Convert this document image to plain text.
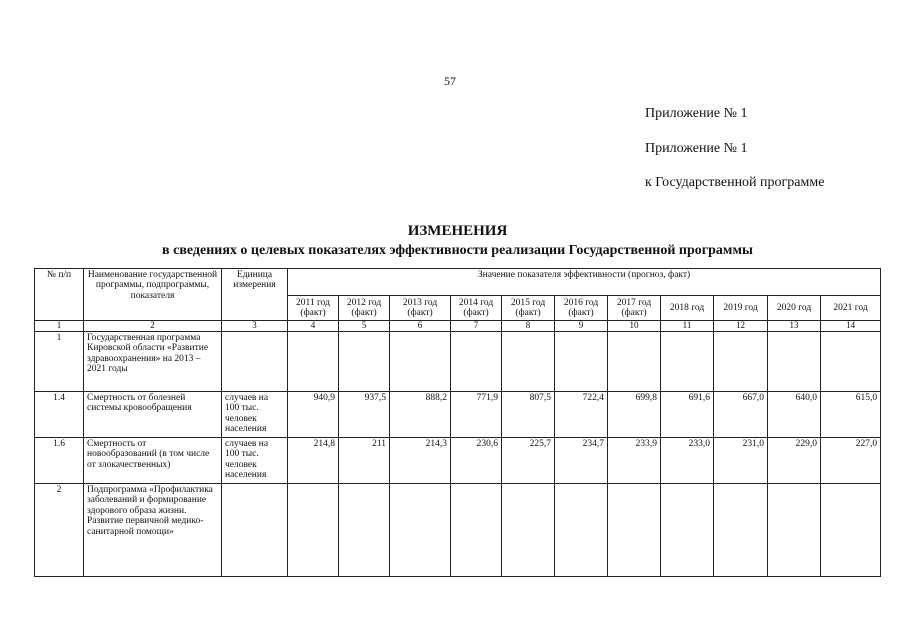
57
Приложение № 1
Приложение № 1
к Государственной программе
ИЗМЕНЕНИЯ
в сведениях о целевых показателях эффективности реализации Государственной программы
№ п/п	Наименование государственной программы, подпрограммы, показателя	Единица измерения	Значение показателя эффективности (прогноз, факт)										
			2011 год (факт)	2012 год (факт)	2013 год (факт)	2014 год (факт)	2015 год (факт)	2016 год (факт)	2017 год (факт)	2018 год	2019 год	2020 год	2021 год
1	2	3	4	5	6	7	8	9	10	11	12	13	14
1	Государственная программа Кировской области «Развитие здравоохранения» на 2013 – 2021 годы												
1.4	Смертность от болезней системы кровообращения	случаев на 100 тыс. человек населения	940,9	937,5	888,2	771,9	807,5	722,4	699,8	691,6	667,0	640,0	615,0
1.6	Смертность от новообразований (в том числе от злокачественных)	случаев на 100 тыс. человек населения	214,8	211	214,3	230,6	225,7	234,7	233,9	233,0	231,0	229,0	227,0
2	Подпрограмма «Профилактика заболеваний и формирование здорового образа жизни. Развитие первичной медико-санитарной помощи»												
